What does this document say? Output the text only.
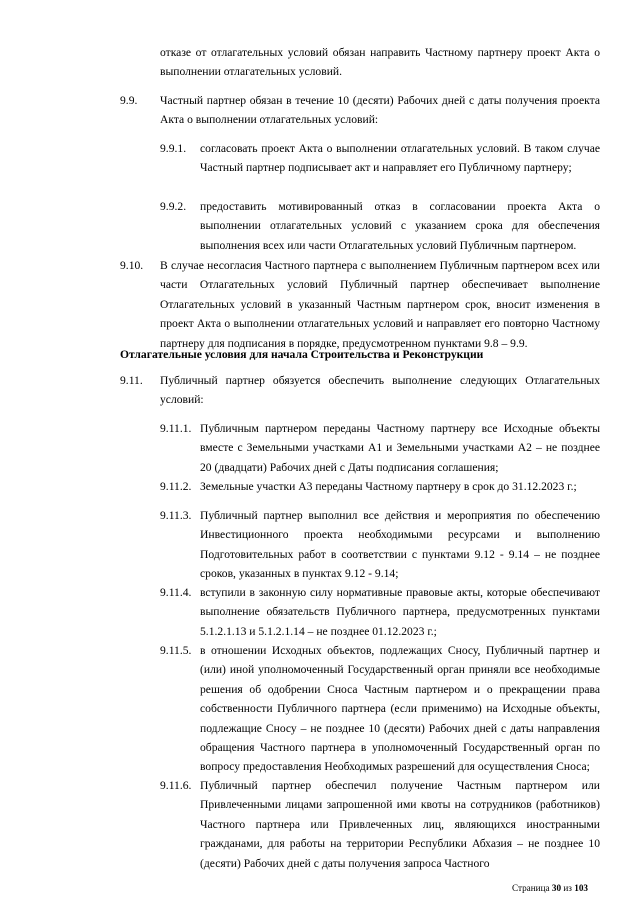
отказе от отлагательных условий обязан направить Частному партнеру проект Акта о выполнении отлагательных условий.
9.9. Частный партнер обязан в течение 10 (десяти) Рабочих дней с даты получения проекта Акта о выполнении отлагательных условий:
9.9.1. согласовать проект Акта о выполнении отлагательных условий. В таком случае Частный партнер подписывает акт и направляет его Публичному партнеру;
9.9.2. предоставить мотивированный отказ в согласовании проекта Акта о выполнении отлагательных условий с указанием срока для обеспечения выполнения всех или части Отлагательных условий Публичным партнером.
9.10. В случае несогласия Частного партнера с выполнением Публичным партнером всех или части Отлагательных условий Публичный партнер обеспечивает выполнение Отлагательных условий в указанный Частным партнером срок, вносит изменения в проект Акта о выполнении отлагательных условий и направляет его повторно Частному партнеру для подписания в порядке, предусмотренном пунктами 9.8 – 9.9.
Отлагательные условия для начала Строительства и Реконструкции
9.11. Публичный партнер обязуется обеспечить выполнение следующих Отлагательных условий:
9.11.1. Публичным партнером переданы Частному партнеру все Исходные объекты вместе с Земельными участками А1 и Земельными участками А2 – не позднее 20 (двадцати) Рабочих дней с Даты подписания соглашения;
9.11.2. Земельные участки А3 переданы Частному партнеру в срок до 31.12.2023 г.;
9.11.3. Публичный партнер выполнил все действия и мероприятия по обеспечению Инвестиционного проекта необходимыми ресурсами и выполнению Подготовительных работ в соответствии с пунктами 9.12 - 9.14 – не позднее сроков, указанных в пунктах 9.12 - 9.14;
9.11.4. вступили в законную силу нормативные правовые акты, которые обеспечивают выполнение обязательств Публичного партнера, предусмотренных пунктами 5.1.2.1.13 и 5.1.2.1.14 – не позднее 01.12.2023 г.;
9.11.5. в отношении Исходных объектов, подлежащих Сносу, Публичный партнер и (или) иной уполномоченный Государственный орган приняли все необходимые решения об одобрении Сноса Частным партнером и о прекращении права собственности Публичного партнера (если применимо) на Исходные объекты, подлежащие Сносу – не позднее 10 (десяти) Рабочих дней с даты направления обращения Частного партнера в уполномоченный Государственный орган по вопросу предоставления Необходимых разрешений для осуществления Сноса;
9.11.6. Публичный партнер обеспечил получение Частным партнером или Привлеченными лицами запрошенной ими квоты на сотрудников (работников) Частного партнера или Привлеченных лиц, являющихся иностранными гражданами, для работы на территории Республики Абхазия – не позднее 10 (десяти) Рабочих дней с даты получения запроса Частного
Страница 30 из 103
